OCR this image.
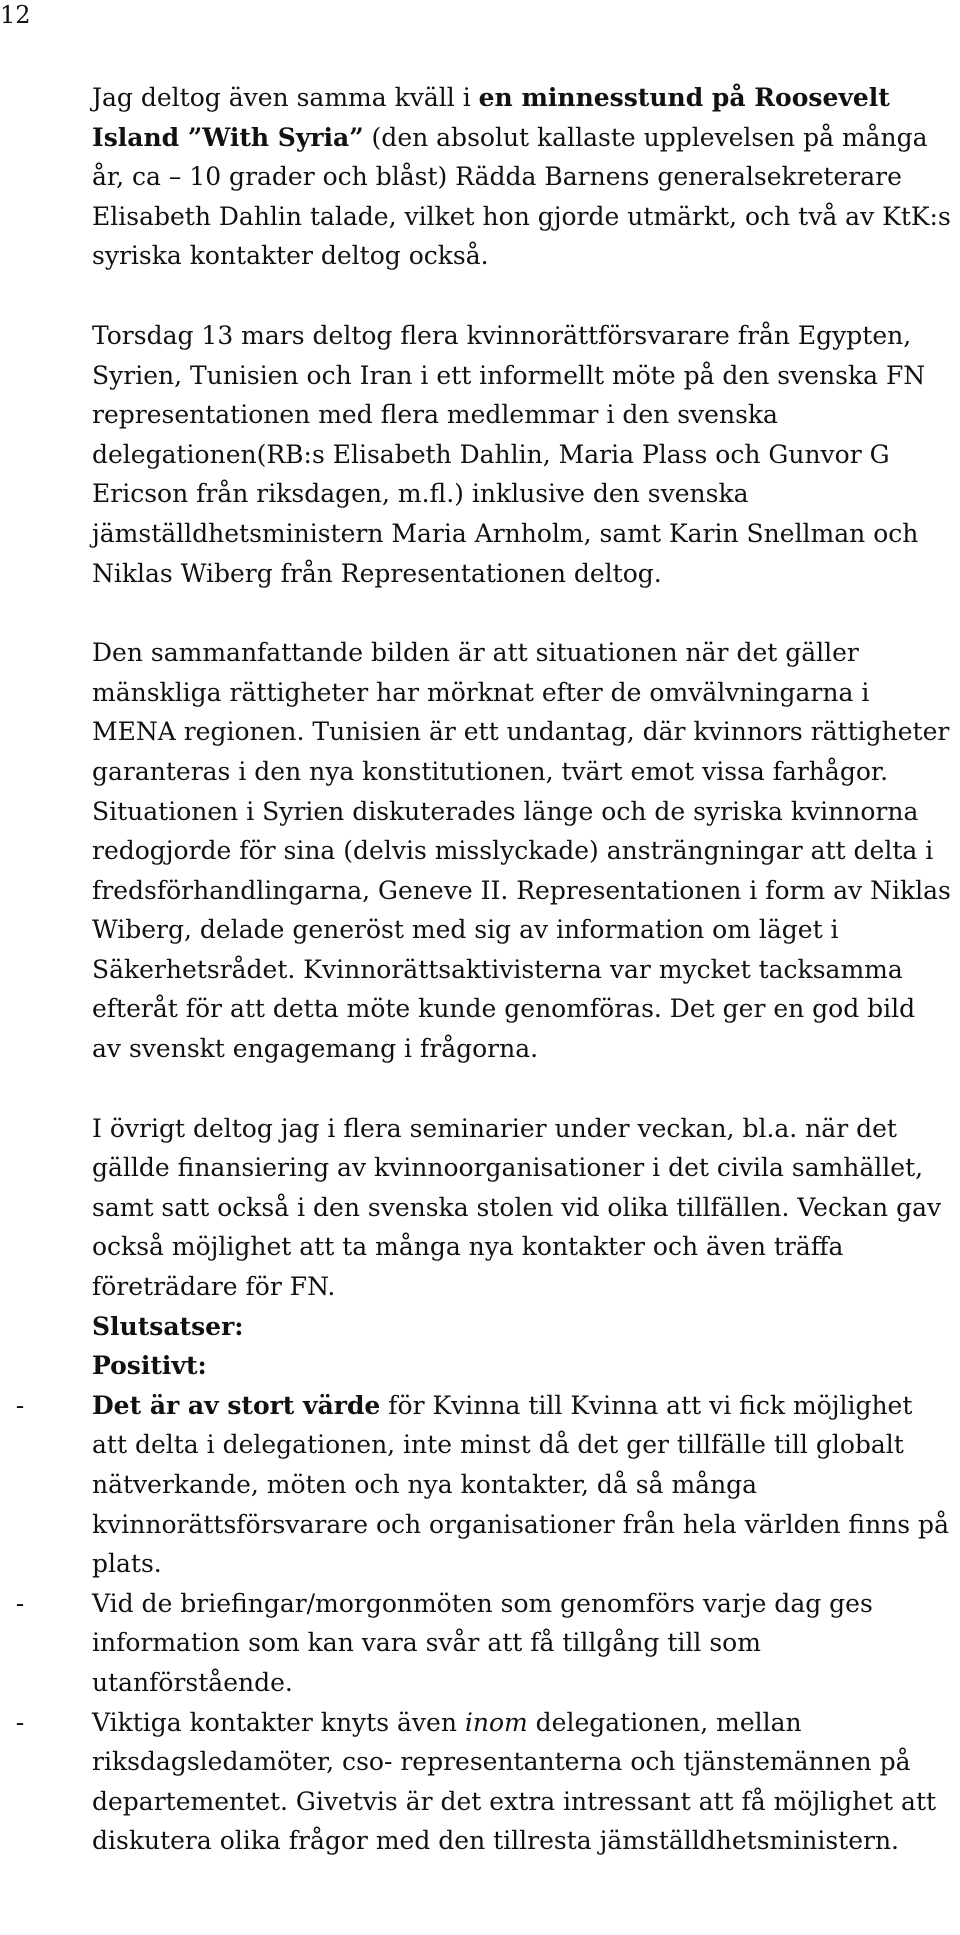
12

Jag deltog även samma kväll i en minnesstund på Roosevelt Island ”With Syria” (den absolut kallaste upplevelsen på många år, ca – 10 grader och blåst) Rädda Barnens generalsekreterare Elisabeth Dahlin talade, vilket hon gjorde utmärkt, och två av KtK:s syriska kontakter deltog också.

Torsdag 13 mars deltog flera kvinnorättförsvarare från Egypten, Syrien, Tunisien och Iran i ett informellt möte på den svenska FN representationen med flera medlemmar i den svenska delegationen(RB:s Elisabeth Dahlin, Maria Plass och Gunvor G Ericson från riksdagen, m.fl.) inklusive den svenska jämställdhetsministern Maria Arnholm, samt Karin Snellman och Niklas Wiberg från Representationen deltog.

Den sammanfattande bilden är att situationen när det gäller mänskliga rättigheter har mörknat efter de omvälvningarna i MENA regionen. Tunisien är ett undantag, där kvinnors rättigheter garanteras i den nya konstitutionen, tvärt emot vissa farhågor. Situationen i Syrien diskuterades länge och de syriska kvinnorna redogjorde för sina (delvis misslyckade) ansträngningar att delta i fredsförhandlingarna, Geneve II. Representationen i form av Niklas Wiberg, delade generöst med sig av information om läget i Säkerhetsrådet. Kvinnorättsaktivisterna var mycket tacksamma efteråt för att detta möte kunde genomföras. Det ger en god bild av svenskt engagemang i frågorna.

I övrigt deltog jag i flera seminarier under veckan, bl.a. när det gällde finansiering av kvinnoorganisationer i det civila samhället, samt satt också i den svenska stolen vid olika tillfällen. Veckan gav också möjlighet att ta många nya kontakter och även träffa företrädare för FN.

Slutsatser:

Positivt:

-	Det är av stort värde för Kvinna till Kvinna att vi fick möjlighet att delta i delegationen, inte minst då det ger tillfälle till globalt nätverkande, möten och nya kontakter, då så många kvinnorättsförsvarare och organisationer från hela världen finns på plats.
-	Vid de briefingar/morgonmöten som genomförs varje dag ges information som kan vara svår att få tillgång till som utanförstående.
-	Viktiga kontakter knyts även inom delegationen, mellan riksdagsledamöter, cso- representanterna och tjänstemännen på departementet. Givetvis är det extra intressant att få möjlighet att diskutera olika frågor med den tillresta jämställdhetsministern.
